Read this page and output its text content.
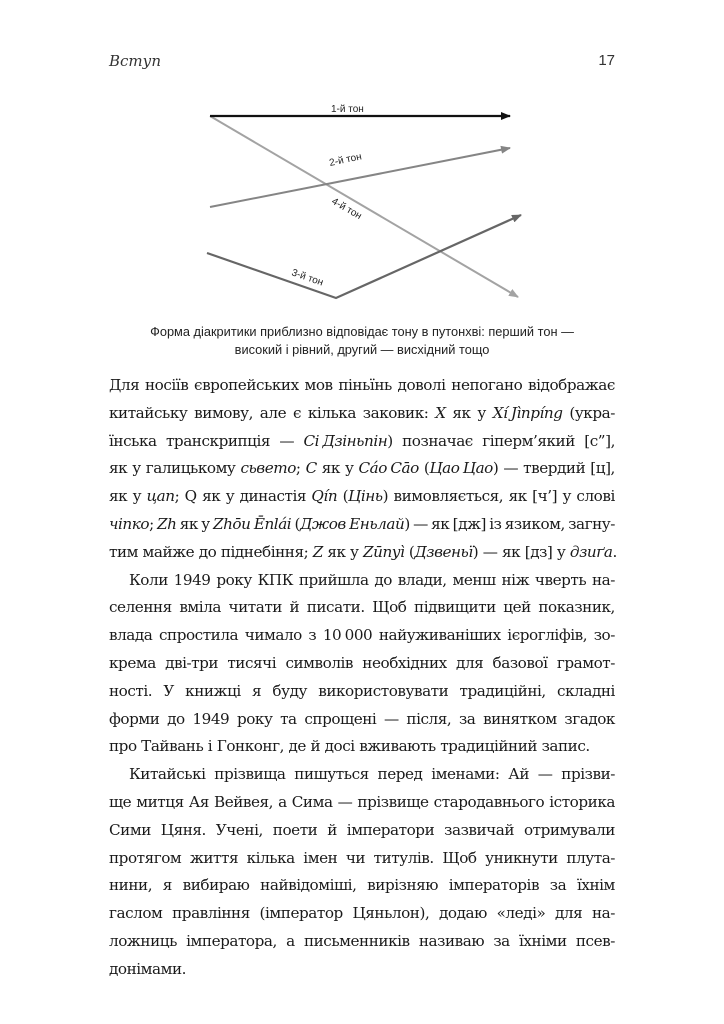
Вступ	17
1-й тон
2-й тон
4-й тон
3-й тон
Форма діакритики приблизно відповідає тону в путонхві: перший тон —
високий і рівний, другий — висхідний тощо
Для носіїв європейських мов піньїнь доволі непогано відображає
китайську вимову, але є кілька заковик: X як у Xí Jìnpíng (укра-
їнська транскрипція — Сі Дзіньпін) позначає гіперм’який [с”],
як у галицькому сьвето; C як у Cáo Cāo (Цао Цао) — твердий [ц],
як у цап; Q як у династія Qín (Цінь) вимовляється, як [ч’] у слові
чіпко; Zh як у Zhōu Ēnlái (Джов Еньлай) — як [дж] із язиком, загну-
тим майже до піднебіння; Z як у Zūnyì (Дзвеньї) — як [дз] у дзиґа.
Коли 1949 року КПК прийшла до влади, менш ніж чверть на-
селення вміла читати й писати. Щоб підвищити цей показник,
влада спростила чимало з 10 000 найуживаніших ієрогліфів, зо-
крема дві-три тисячі символів необхідних для базової грамот-
ності. У книжці я буду використовувати традиційні, складні
форми до 1949 року та спрощені — після, за винятком згадок
про Тайвань і Гонконг, де й досі вживають традиційний запис.
Китайські прізвища пишуться перед іменами: Ай — прізви-
ще митця Ая Вейвея, а Сима — прізвище стародавнього історика
Сими Цяня. Учені, поети й імператори зазвичай отримували
протягом життя кілька імен чи титулів. Щоб уникнути плута-
нини, я вибираю найвідоміші, вирізняю імператорів за їхнім
гаслом правління (імператор Цяньлон), додаю «леді» для на-
ложниць імператора, а письменників називаю за їхніми псев-
донімами.
